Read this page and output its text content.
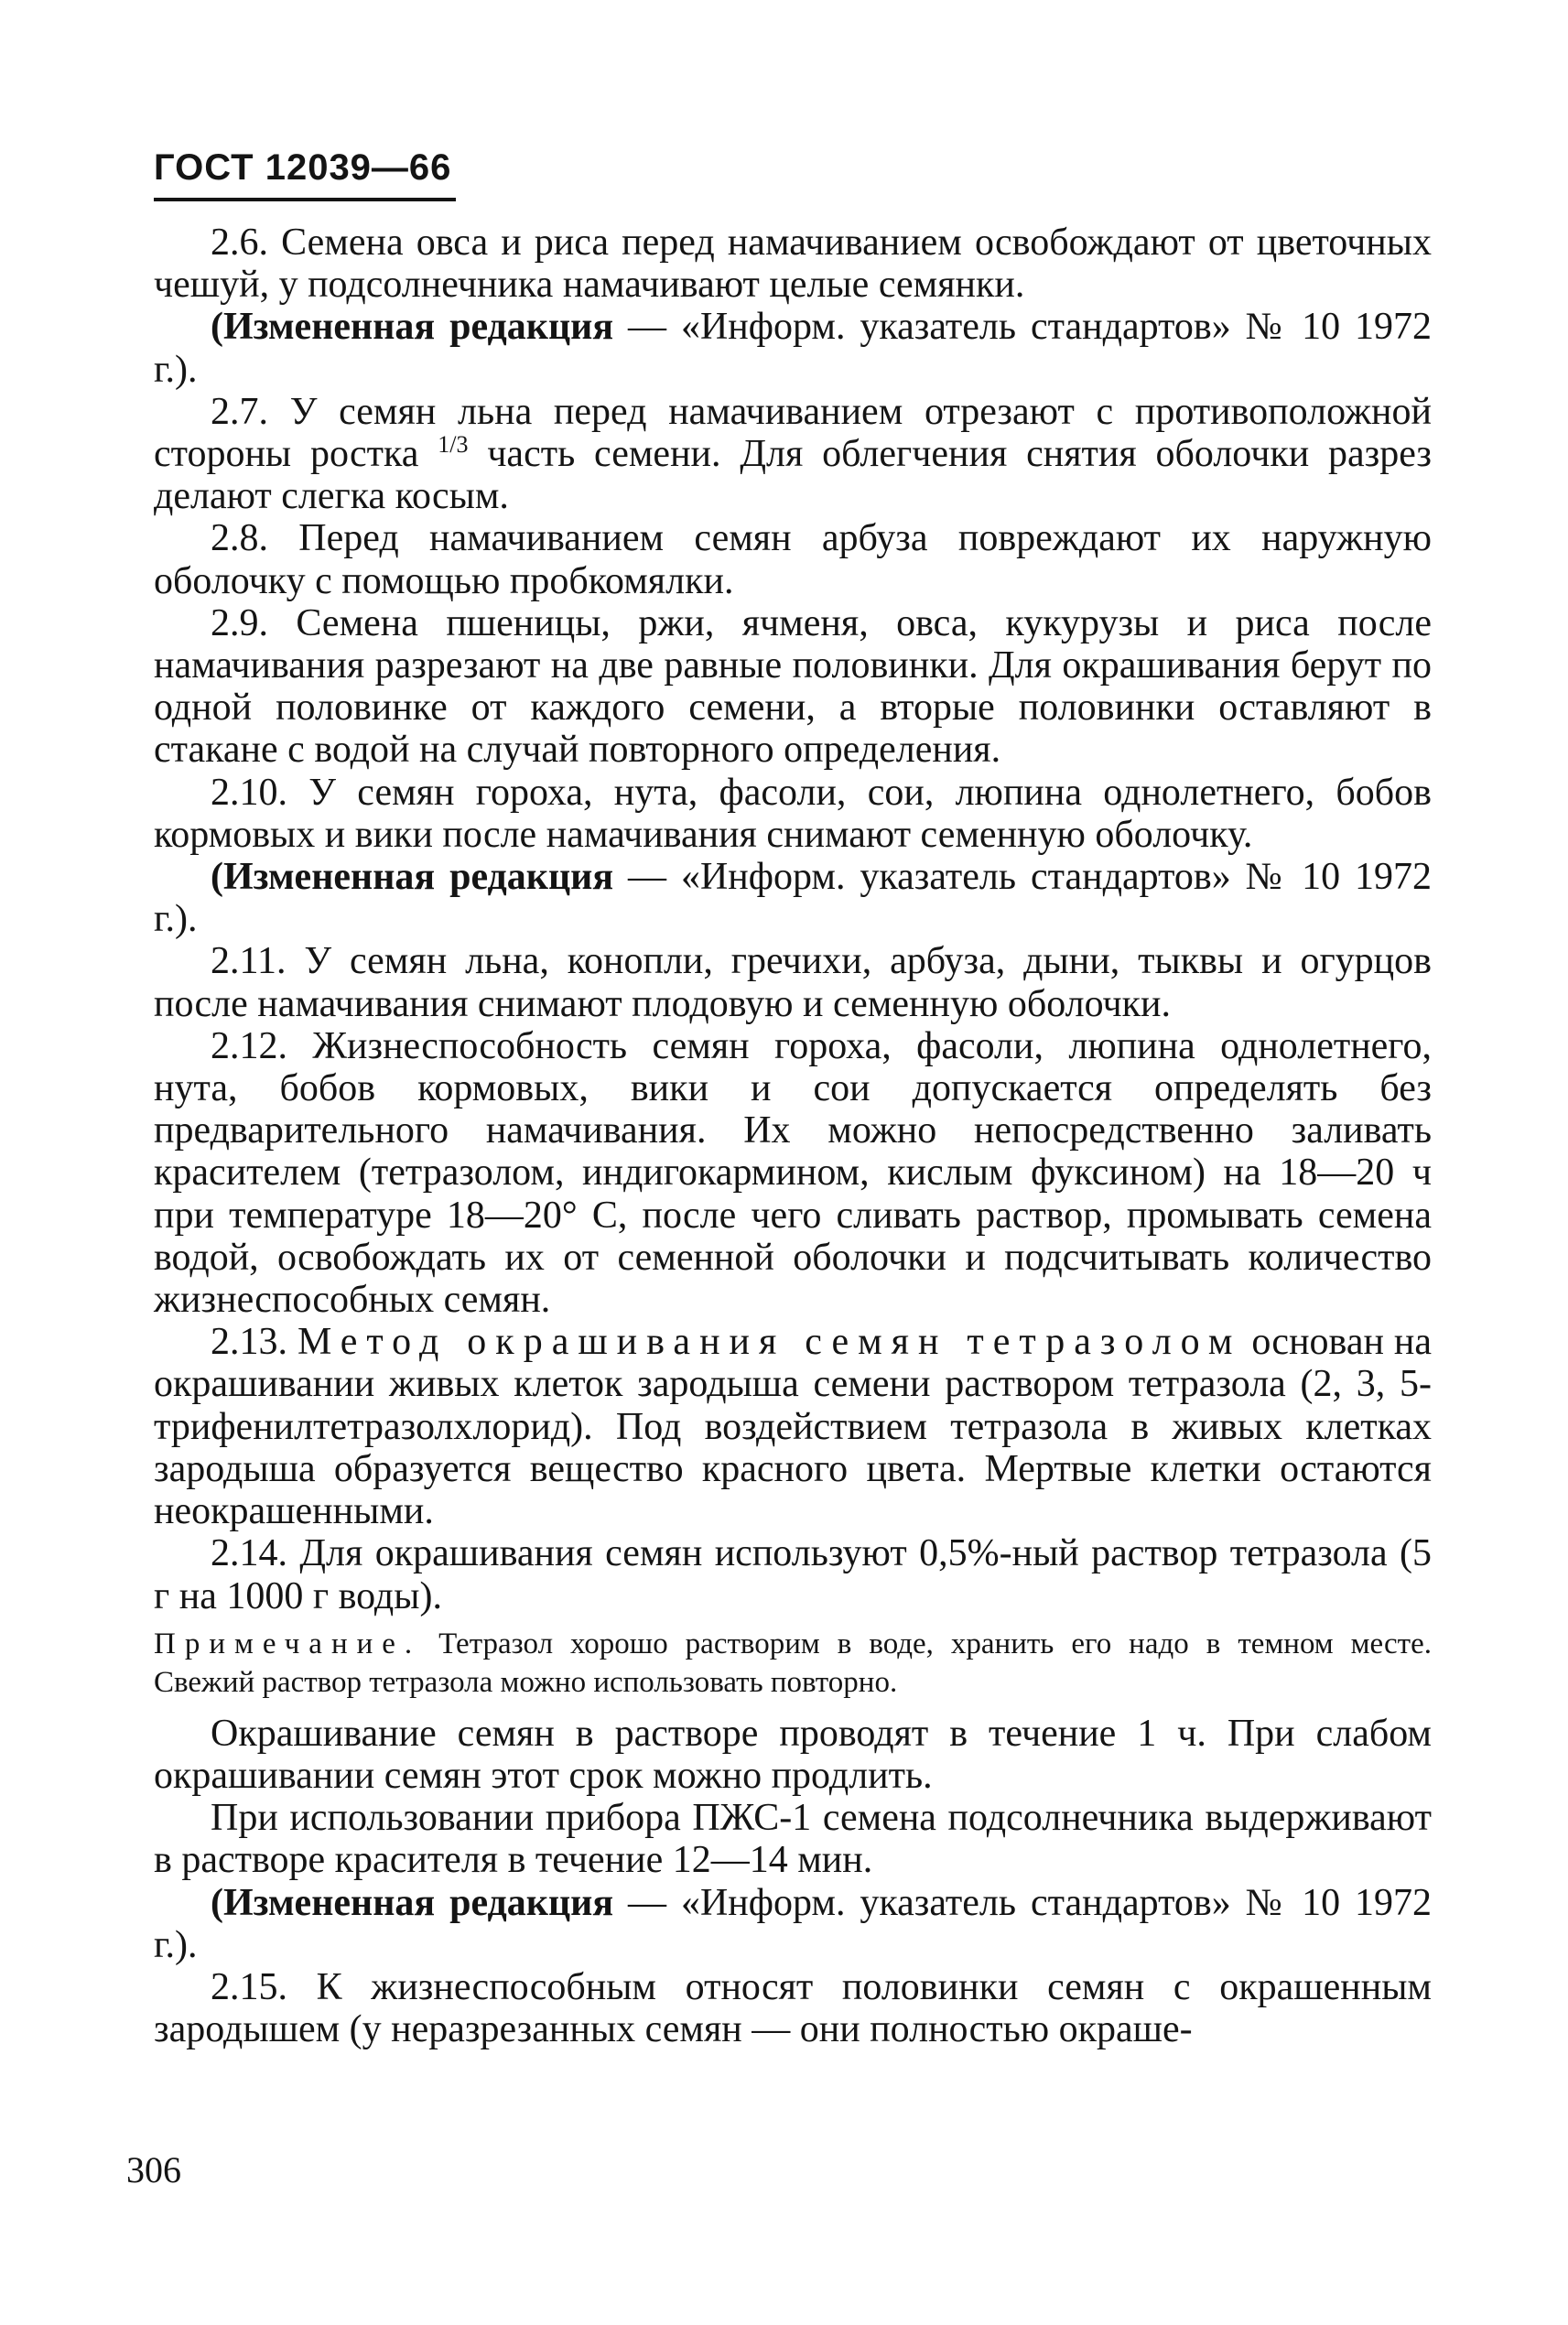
ГОСТ 12039—66

2.6. Семена овса и риса перед намачиванием освобождают от цветочных чешуй, у подсолнечника намачивают целые семянки.

(Измененная редакция — «Информ. указатель стандартов» № 10 1972 г.).

2.7. У семян льна перед намачиванием отрезают с противоположной стороны ростка $^{1/3}$ часть семени. Для облегчения снятия оболочки разрез делают слегка косым.

2.8. Перед намачиванием семян арбуза повреждают их наружную оболочку с помощью пробкомялки.

2.9. Семена пшеницы, ржи, ячменя, овса, кукурузы и риса после намачивания разрезают на две равные половинки. Для окрашивания берут по одной половинке от каждого семени, а вторые половинки оставляют в стакане с водой на случай повторного определения.

2.10. У семян гороха, нута, фасоли, сои, люпина однолетнего, бобов кормовых и вики после намачивания снимают семенную оболочку.

(Измененная редакция — «Информ. указатель стандартов» № 10 1972 г.).

2.11. У семян льна, конопли, гречихи, арбуза, дыни, тыквы и огурцов после намачивания снимают плодовую и семенную оболочки.

2.12. Жизнеспособность семян гороха, фасоли, люпина однолетнего, нута, бобов кормовых, вики и сои допускается определять без предварительного намачивания. Их можно непосредственно заливать красителем (тетразолом, индигокармином, кислым фуксином) на 18—20 ч при температуре 18—20° С, после чего сливать раствор, промывать семена водой, освобождать их от семенной оболочки и подсчитывать количество жизнеспособных семян.

2.13. Метод окрашивания семян тетразолом основан на окрашивании живых клеток зародыша семени раствором тетразола (2, 3, 5-трифенилтетразолхлорид). Под воздействием тетразола в живых клетках зародыша образуется вещество красного цвета. Мертвые клетки остаются неокрашенными.

2.14. Для окрашивания семян используют 0,5%-ный раствор тетразола (5 г на 1000 г воды).

Примечание. Тетразол хорошо растворим в воде, хранить его надо в темном месте. Свежий раствор тетразола можно использовать повторно.

Окрашивание семян в растворе проводят в течение 1 ч. При слабом окрашивании семян этот срок можно продлить.

При использовании прибора ПЖС-1 семена подсолнечника выдерживают в растворе красителя в течение 12—14 мин.

(Измененная редакция — «Информ. указатель стандартов» № 10 1972 г.).

2.15. К жизнеспособным относят половинки семян с окрашенным зародышем (у неразрезанных семян — они полностью окраше-

306
